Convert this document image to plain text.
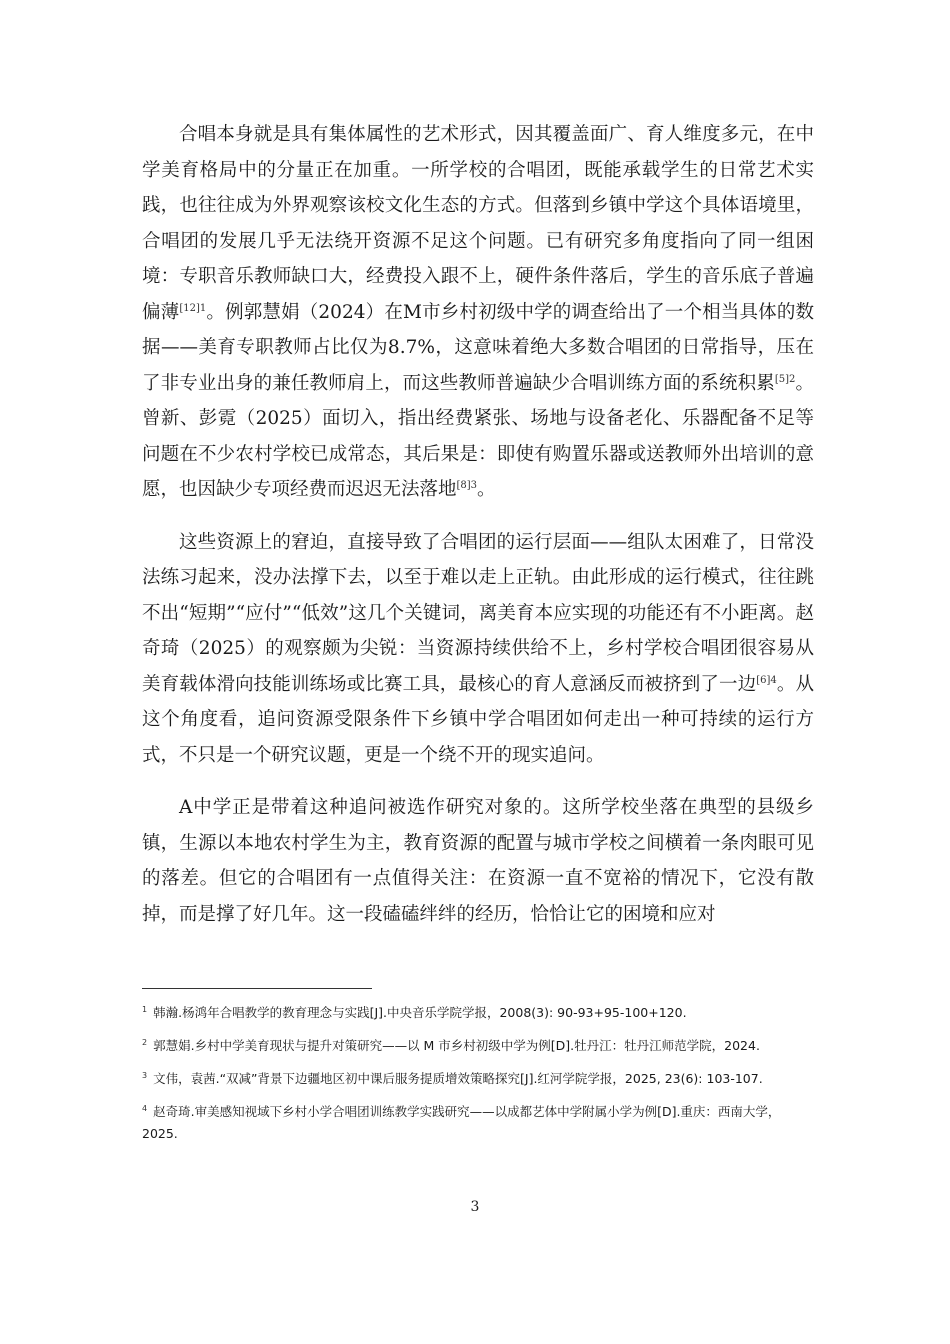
合唱本身就是具有集体属性的艺术形式，因其覆盖面广、育人维度多元，在中学美育格局中的分量正在加重。一所学校的合唱团，既能承载学生的日常艺术实践，也往往成为外界观察该校文化生态的方式。但落到乡镇中学这个具体语境里，合唱团的发展几乎无法绕开资源不足这个问题。已有研究多角度指向了同一组困境：专职音乐教师缺口大，经费投入跟不上，硬件条件落后，学生的音乐底子普遍偏薄$^{[12]1}$。例郭慧娟（2024）在M市乡村初级中学的调查给出了一个相当具体的数据——美育专职教师占比仅为8.7%，这意味着绝大多数合唱团的日常指导，压在了非专业出身的兼任教师肩上，而这些教师普遍缺少合唱训练方面的系统积累$^{[5]2}$。曾新、彭霓（2025）面切入，指出经费紧张、场地与设备老化、乐器配备不足等问题在不少农村学校已成常态，其后果是：即使有购置乐器或送教师外出培训的意愿，也因缺少专项经费而迟迟无法落地$^{[8]3}$。

这些资源上的窘迫，直接导致了合唱团的运行层面——组队太困难了，日常没法练习起来，没办法撑下去，以至于难以走上正轨。由此形成的运行模式，往往跳不出“短期”“应付”“低效”这几个关键词，离美育本应实现的功能还有不小距离。赵奇琦（2025）的观察颇为尖锐：当资源持续供给不上，乡村学校合唱团很容易从美育载体滑向技能训练场或比赛工具，最核心的育人意涵反而被挤到了一边$^{[6]4}$。从这个角度看，追问资源受限条件下乡镇中学合唱团如何走出一种可持续的运行方式，不只是一个研究议题，更是一个绕不开的现实追问。

A中学正是带着这种追问被选作研究对象的。这所学校坐落在典型的县级乡镇，生源以本地农村学生为主，教育资源的配置与城市学校之间横着一条肉眼可见的落差。但它的合唱团有一点值得关注：在资源一直不宽裕的情况下，它没有散掉，而是撑了好几年。这一段磕磕绊绊的经历，恰恰让它的困境和应对

$^1$ 韩瀚.杨鸿年合唱教学的教育理念与实践[J].中央音乐学院学报，2008(3): 90-93+95-100+120.
$^2$ 郭慧娟.乡村中学美育现状与提升对策研究——以 M 市乡村初级中学为例[D].牡丹江：牡丹江师范学院，2024.
$^3$ 文伟，袁茜.“双减”背景下边疆地区初中课后服务提质增效策略探究[J].红河学院学报，2025, 23(6): 103-107.
$^4$ 赵奇琦.审美感知视域下乡村小学合唱团训练教学实践研究——以成都艺体中学附属小学为例[D].重庆：西南大学，2025.
3
